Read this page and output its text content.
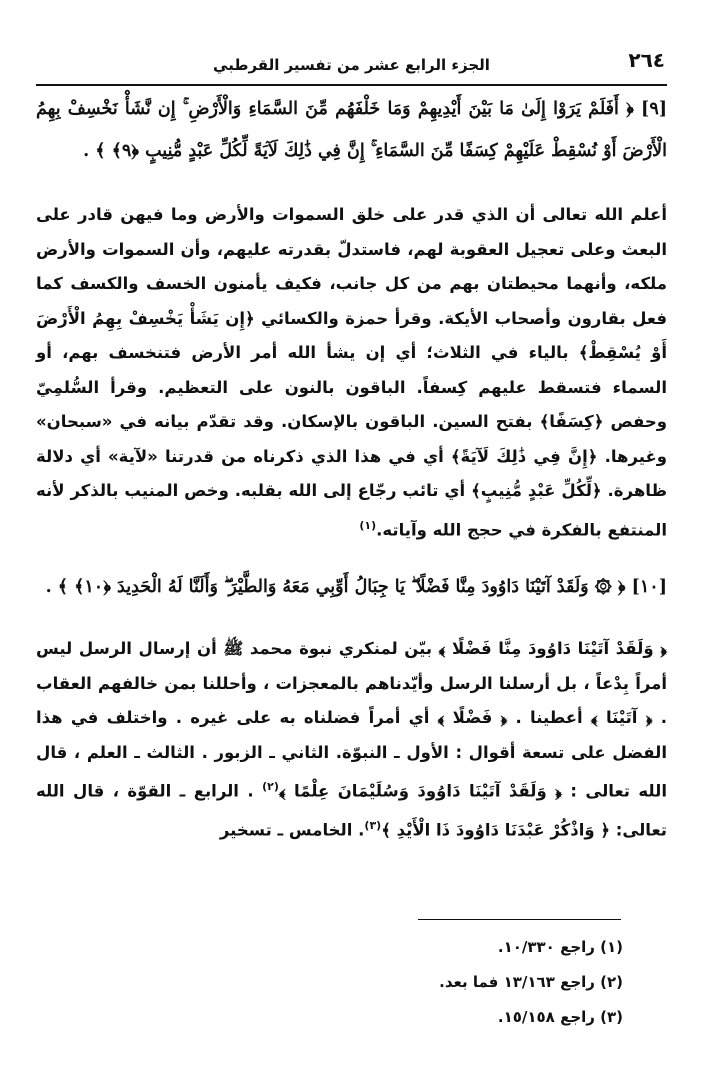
٢٦٤
الجزء الرابع عشر من تفسير القرطبي
[٩] ﴿ أَفَلَمْ يَرَوْا إِلَىٰ مَا بَيْنَ أَيْدِيهِمْ وَمَا خَلْفَهُم مِّنَ السَّمَاءِ وَالْأَرْضِ ۚ إِن نَّشَأْ نَخْسِفْ بِهِمُ الْأَرْضَ أَوْ نُسْقِطْ عَلَيْهِمْ كِسَفًا مِّنَ السَّمَاءِ ۚ إِنَّ فِي ذَٰلِكَ لَآيَةً لِّكُلِّ عَبْدٍ مُّنِيبٍ ﴿٩﴾ ﴾ .

أعلم الله تعالى أن الذي قدر على خلق السموات والأرض وما فيهن قادر على البعث وعلى تعجيل العقوبة لهم، فاستدلّ بقدرته عليهم، وأن السموات والأرض ملكه، وأنهما محيطتان بهم من كل جانب، فكيف يأمنون الخسف والكسف كما فعل بقارون وأصحاب الأيكة. وقرأ حمزة والكسائي ﴿إِن يَشَأْ يَخْسِفْ بِهِمُ الْأَرْضَ أَوْ يُسْقِطْ﴾ بالياء في الثلاث؛ أي إن يشأ الله أمر الأرض فتنخسف بهم، أو السماء فتسقط عليهم كِسفاً. الباقون بالنون على التعظيم. وقرأ السُّلمِيّ وحفص ﴿كِسَفًا﴾ بفتح السين. الباقون بالإسكان. وقد تقدّم بيانه في «سبحان» وغيرها. ﴿إِنَّ فِي ذَٰلِكَ لَآيَةً﴾ أي في هذا الذي ذكرناه من قدرتنا «لآية» أي دلالة ظاهرة. ﴿لِّكُلِّ عَبْدٍ مُّنِيبٍ﴾ أي تائب رجّاع إلى الله بقلبه. وخص المنيب بالذكر لأنه المنتفع بالفكرة في حجج الله وآياته.$^{(١)}$

[١٠] ﴿ ۞ وَلَقَدْ آتَيْنَا دَاوُودَ مِنَّا فَضْلًا ۖ يَا جِبَالُ أَوِّبِي مَعَهُ وَالطَّيْرَ ۖ وَأَلَنَّا لَهُ الْحَدِيدَ ﴿١٠﴾ ﴾ .

﴿ وَلَقَدْ آتَيْنَا دَاوُودَ مِنَّا فَضْلًا ﴾ بيّن لمنكري نبوة محمد ﷺ أن إرسال الرسل ليس أمراً بِدْعاً ، بل أرسلنا الرسل وأيّدناهم بالمعجزات ، وأحللنا بمن خالفهم العقاب . ﴿ آتَيْنَا ﴾ أعطينا . ﴿ فَضْلًا ﴾ أي أمراً فضلناه به على غيره . واختلف في هذا الفضل على تسعة أقوال : الأول ـ النبوّة. الثاني ـ الزبور . الثالث ـ العلم ، قال الله تعالى : ﴿ وَلَقَدْ آتَيْنَا دَاوُودَ وَسُلَيْمَانَ عِلْمًا ﴾$^{(٢)}$ . الرابع ـ القوّة ، قال الله تعالى: ﴿ وَاذْكُرْ عَبْدَنَا دَاوُودَ ذَا الْأَيْدِ ﴾$^{(٣)}$. الخامس ـ تسخير

(١) راجع ١٠/٣٣٠.
(٢) راجع ١٣/١٦٣ فما بعد.
(٣) راجع ١٥/١٥٨.
